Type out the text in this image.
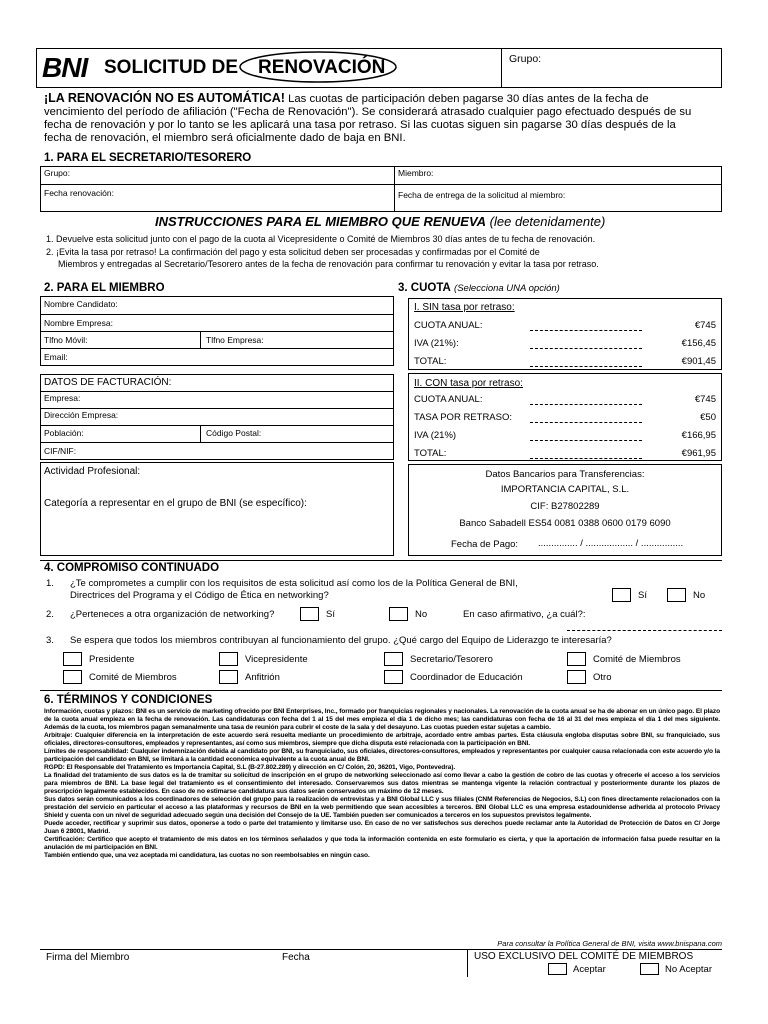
BNI SOLICITUD DE RENOVACIÓN	Grupo:
¡LA RENOVACIÓN NO ES AUTOMÁTICA! Las cuotas de participación deben pagarse 30 días antes de la fecha de
vencimiento del período de afiliación ("Fecha de Renovación"). Se considerará atrasado cualquier pago efectuado después de su
fecha de renovación y por lo tanto se les aplicará una tasa por retraso. Si las cuotas siguen sin pagarse 30 días después de la
fecha de renovación, el miembro será oficialmente dado de baja en BNI.
1. PARA EL SECRETARIO/TESORERO
Grupo:	Miembro:
Fecha renovación:	Fecha de entrega de la solicitud al miembro:
INSTRUCCIONES PARA EL MIEMBRO QUE RENUEVA (lee detenidamente)
1. Devuelve esta solicitud junto con el pago de la cuota al Vicepresidente o Comité de Miembros 30 días antes de tu fecha de renovación.
2. ¡Evita la tasa por retraso! La confirmación del pago y esta solicitud deben ser procesadas y confirmadas por el Comité de
Miembros y entregadas al Secretario/Tesorero antes de la fecha de renovación para confirmar tu renovación y evitar la tasa por retraso.
2. PARA EL MIEMBRO
Nombre Candidato:
Nombre Empresa:
Tlfno Móvil:	Tlfno Empresa:
Email:
DATOS DE FACTURACIÓN:
Empresa:
Dirección Empresa:
Población:	Código Postal:
CIF/NIF:
Actividad Profesional:
Categoría a representar en el grupo de BNI (se específico):
3. CUOTA (Selecciona UNA opción)
I. SIN tasa por retraso:
CUOTA ANUAL:	€745
IVA (21%):	€156,45
TOTAL:	€901,45
II. CON tasa por retraso:
CUOTA ANUAL:	€745
TASA POR RETRASO:	€50
IVA (21%)	€166,95
TOTAL:	€961,95
Datos Bancarios para Transferencias:
IMPORTANCIA CAPITAL, S.L.
CIF: B27802289
Banco Sabadell ES54 0081 0388 0600 0179 6090
Fecha de Pago: ............... / .................. / ................
4. COMPROMISO CONTINUADO
1. ¿Te comprometes a cumplir con los requisitos de esta solicitud así como los de la Política General de BNI,
Directrices del Programa y el Código de Ética en networking?	Sí	No
2. ¿Perteneces a otra organización de networking?	Sí	No	En caso afirmativo, ¿a cuál?:
3. Se espera que todos los miembros contribuyan al funcionamiento del grupo. ¿Qué cargo del Equipo de Liderazgo te interesaría?
Presidente	Vicepresidente	Secretario/Tesorero	Comité de Miembros
Comité de Miembros	Anfitrión	Coordinador de Educación	Otro
6. TÉRMINOS Y CONDICIONES

Información, cuotas y plazos: BNI es un servicio de marketing ofrecido por BNI Enterprises, Inc., formado por franquicias regionales y nacionales. La renovación de la cuota anual se ha de abonar en un único pago. El plazo de la cuota anual empieza en la fecha de renovación. Las candidaturas con fecha del 1 al 15 del mes empieza el día 1 de dicho mes; las candidaturas con fecha de 16 al 31 del mes empieza el día 1 del mes siguiente. Además de la cuota, los miembros pagan semanalmente una tasa de reunión para cubrir el coste de la sala y del desayuno. Las cuotas pueden estar sujetas a cambio.

Arbitraje: Cualquier diferencia en la interpretación de este acuerdo será resuelta mediante un procedimiento de arbitraje, acordado entre ambas partes. Esta cláusula engloba disputas sobre BNI, su franquiciado, sus oficiales, directores-consultores, empleados y representantes, así como sus miembros, siempre que dicha disputa esté relacionada con la participación en BNI.

Límites de responsabilidad: Cualquier indemnización debida al candidato por BNI, su franquiciado, sus oficiales, directores-consultores, empleados y representantes por cualquier causa relacionada con este acuerdo y/o la participación del candidato en BNI, se limitará a la cantidad económica equivalente a la cuota anual de BNI.

RGPD: El Responsable del Tratamiento es Importancia Capital, S.L (B-27.802.289) y dirección en C/ Colón, 20, 36201, Vigo, Pontevedra).

La finalidad del tratamiento de sus datos es la de tramitar su solicitud de inscripción en el grupo de networking seleccionado así como llevar a cabo la gestión de cobro de las cuotas y ofrecerle el acceso a los servicios para miembros de BNI. La base legal del tratamiento es el consentimiento del interesado. Conservaremos sus datos mientras se mantenga vigente la relación contractual y posteriormente durante los plazos de prescripción legalmente establecidos. En caso de no estimarse candidatura sus datos serán conservados un máximo de 12 meses.

Sus datos serán comunicados a los coordinadores de selección del grupo para la realización de entrevistas y a BNI Global LLC y sus filiales (CNM Referencias de Negocios, S.L) con fines directamente relacionados con la prestación del servicio en particular el acceso a las plataformas y recursos de BNI en la web permitiendo que sean accesibles a terceros. BNI Global LLC es una empresa estadounidense adherida al protocolo Privacy Shield y cuenta con un nivel de seguridad adecuado según una decisión del Consejo de la UE. También pueden ser comunicados a terceros en los supuestos previstos legalmente.

Puede acceder, rectificar y suprimir sus datos, oponerse a todo o parte del tratamiento y limitarse uso. En caso de no ver satisfechos sus derechos puede reclamar ante la Autoridad de Protección de Datos en C/ Jorge Juan 6 28001, Madrid.

Certificación: Certifico que acepto el tratamiento de mis datos en los términos señalados y que toda la información contenida en este formulario es cierta, y que la aportación de información falsa puede resultar en la anulación de mi participación en BNI.

También entiendo que, una vez aceptada mi candidatura, las cuotas no son reembolsables en ningún caso.

Para consultar la Política General de BNI, visita www.bnispana.com
Firma del Miembro	Fecha	USO EXCLUSIVO DEL COMITÉ DE MIEMBROS
Aceptar	No Aceptar
